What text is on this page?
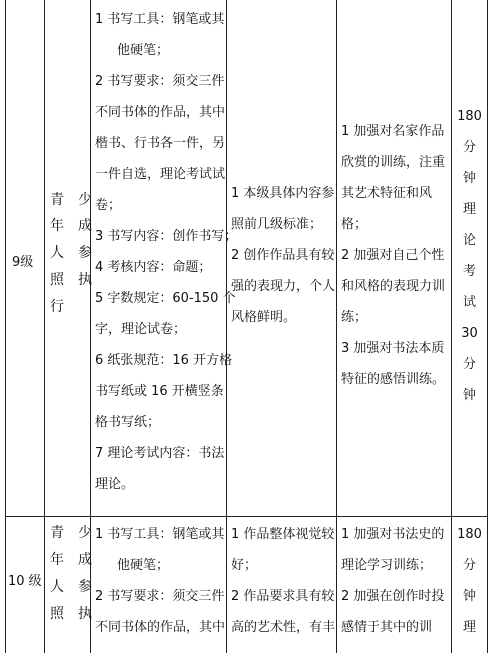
9级
青　少
年　成
人　参
照　执
行
1 书写工具：钢笔或其
他硬笔；
2 书写要求：须交三件
不同书体的作品，其中
楷书、行书各一件，另
一件自选，理论考试试
卷；
3 书写内容：创作书写；
4 考核内容：命题；
5 字数规定：60-150 个
字，理论试卷；
6 纸张规范：16 开方格
书写纸或 16 开横竖条
格书写纸；
7 理论考试内容：书法
理论。
1 本级具体内容参
照前几级标准；
2 创作作品具有较
强的表现力，个人
风格鲜明。
1 加强对名家作品
欣赏的训练，注重
其艺术特征和风
格；
2 加强对自己个性
和风格的表现力训
练；
3 加强对书法本质
特征的感悟训练。
180
分
钟
理
论
考
试
30
分
钟
10 级
青　少
年　成
人　参
照　执
1 书写工具：钢笔或其
他硬笔；
2 书写要求：须交三件
不同书体的作品，其中
1 作品整体视觉较
好；
2 作品要求具有较
高的艺术性，有丰
1 加强对书法史的
理论学习训练；
2 加强在创作时投
感情于其中的训
180
分
钟
理
